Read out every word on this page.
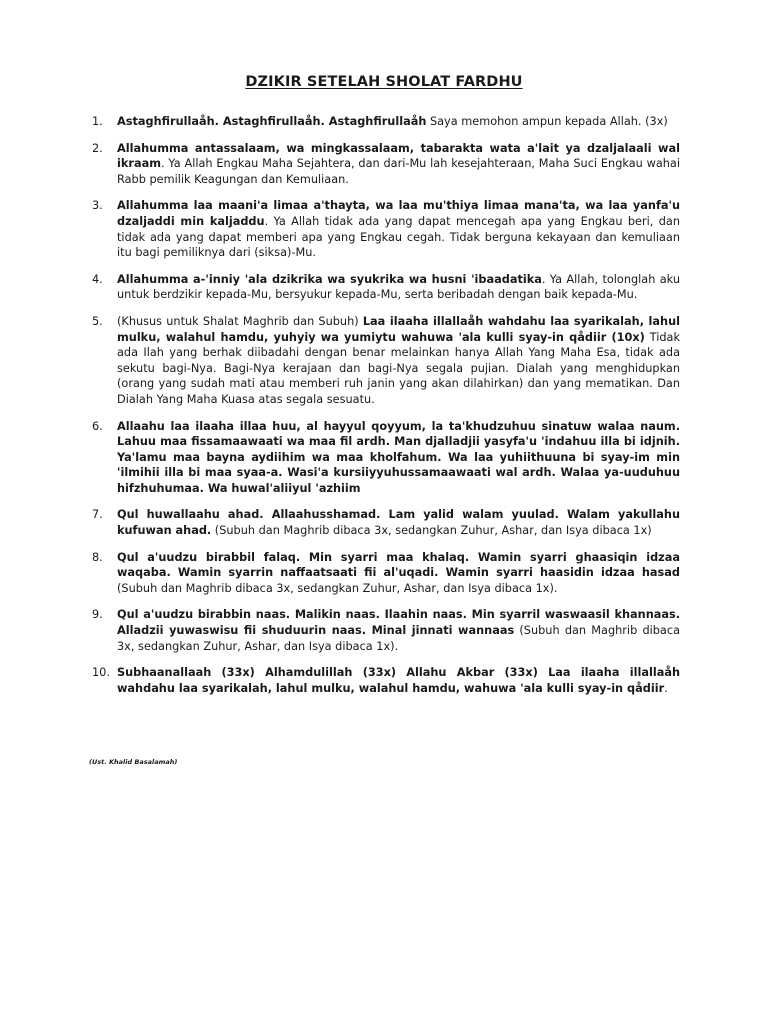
DZIKIR SETELAH SHOLAT FARDHU
1. Astaghfirullaåh. Astaghfirullaåh. Astaghfirullaåh Saya memohon ampun kepada Allah. (3x)
2. Allahumma antassalaam, wa mingkassalaam, tabarakta wata a'lait ya dzaljalaali wal ikraam. Ya Allah Engkau Maha Sejahtera, dan dari-Mu lah kesejahteraan, Maha Suci Engkau wahai Rabb pemilik Keagungan dan Kemuliaan.
3. Allahumma laa maani'a limaa a'thayta, wa laa mu'thiya limaa mana'ta, wa laa yanfa'u dzaljaddi min kaljaddu. Ya Allah tidak ada yang dapat mencegah apa yang Engkau beri, dan tidak ada yang dapat memberi apa yang Engkau cegah. Tidak berguna kekayaan dan kemuliaan itu bagi pemiliknya dari (siksa)-Mu.
4. Allahumma a-'inniy 'ala dzikrika wa syukrika wa husni 'ibaadatika. Ya Allah, tolonglah aku untuk berdzikir kepada-Mu, bersyukur kepada-Mu, serta beribadah dengan baik kepada-Mu.
5. (Khusus untuk Shalat Maghrib dan Subuh) Laa ilaaha illallaåh wahdahu laa syarikalah, lahul mulku, walahul hamdu, yuhyiy wa yumiytu wahuwa 'ala kulli syay-in qådiir (10x) Tidak ada Ilah yang berhak diibadahi dengan benar melainkan hanya Allah Yang Maha Esa, tidak ada sekutu bagi-Nya. Bagi-Nya kerajaan dan bagi-Nya segala pujian. Dialah yang menghidupkan (orang yang sudah mati atau memberi ruh janin yang akan dilahirkan) dan yang mematikan. Dan Dialah Yang Maha Kuasa atas segala sesuatu.
6. Allaahu laa ilaaha illaa huu, al hayyul qoyyum, la ta'khudzuhuu sinatuw walaa naum. Lahuu maa fissamaawaati wa maa fil ardh. Man djalladjii yasyfa'u 'indahuu illa bi idjnih. Ya'lamu maa bayna aydiihim wa maa kholfahum. Wa laa yuhiithuuna bi syay-im min 'ilmihii illa bi maa syaa-a. Wasi'a kursiiyyuhussamaawaati wal ardh. Walaa ya-uuduhuu hifzhuhumaa. Wa huwal'aliiyul 'azhiim
7. Qul huwallaahu ahad. Allaahusshamad. Lam yalid walam yuulad. Walam yakullahu kufuwan ahad. (Subuh dan Maghrib dibaca 3x, sedangkan Zuhur, Ashar, dan Isya dibaca 1x)
8. Qul a'uudzu birabbil falaq. Min syarri maa khalaq. Wamin syarri ghaasiqin idzaa waqaba. Wamin syarrin naffaatsaati fii al'uqadi. Wamin syarri haasidin idzaa hasad (Subuh dan Maghrib dibaca 3x, sedangkan Zuhur, Ashar, dan Isya dibaca 1x).
9. Qul a'uudzu birabbin naas. Malikin naas. Ilaahin naas. Min syarril waswaasil khannaas. Alladzii yuwaswisu fii shuduurin naas. Minal jinnati wannaas (Subuh dan Maghrib dibaca 3x, sedangkan Zuhur, Ashar, dan Isya dibaca 1x).
10. Subhaanallaah (33x) Alhamdulillah (33x) Allahu Akbar (33x) Laa ilaaha illallaåh wahdahu laa syarikalah, lahul mulku, walahul hamdu, wahuwa 'ala kulli syay-in qådiir.
(Ust. Khalid Basalamah)
